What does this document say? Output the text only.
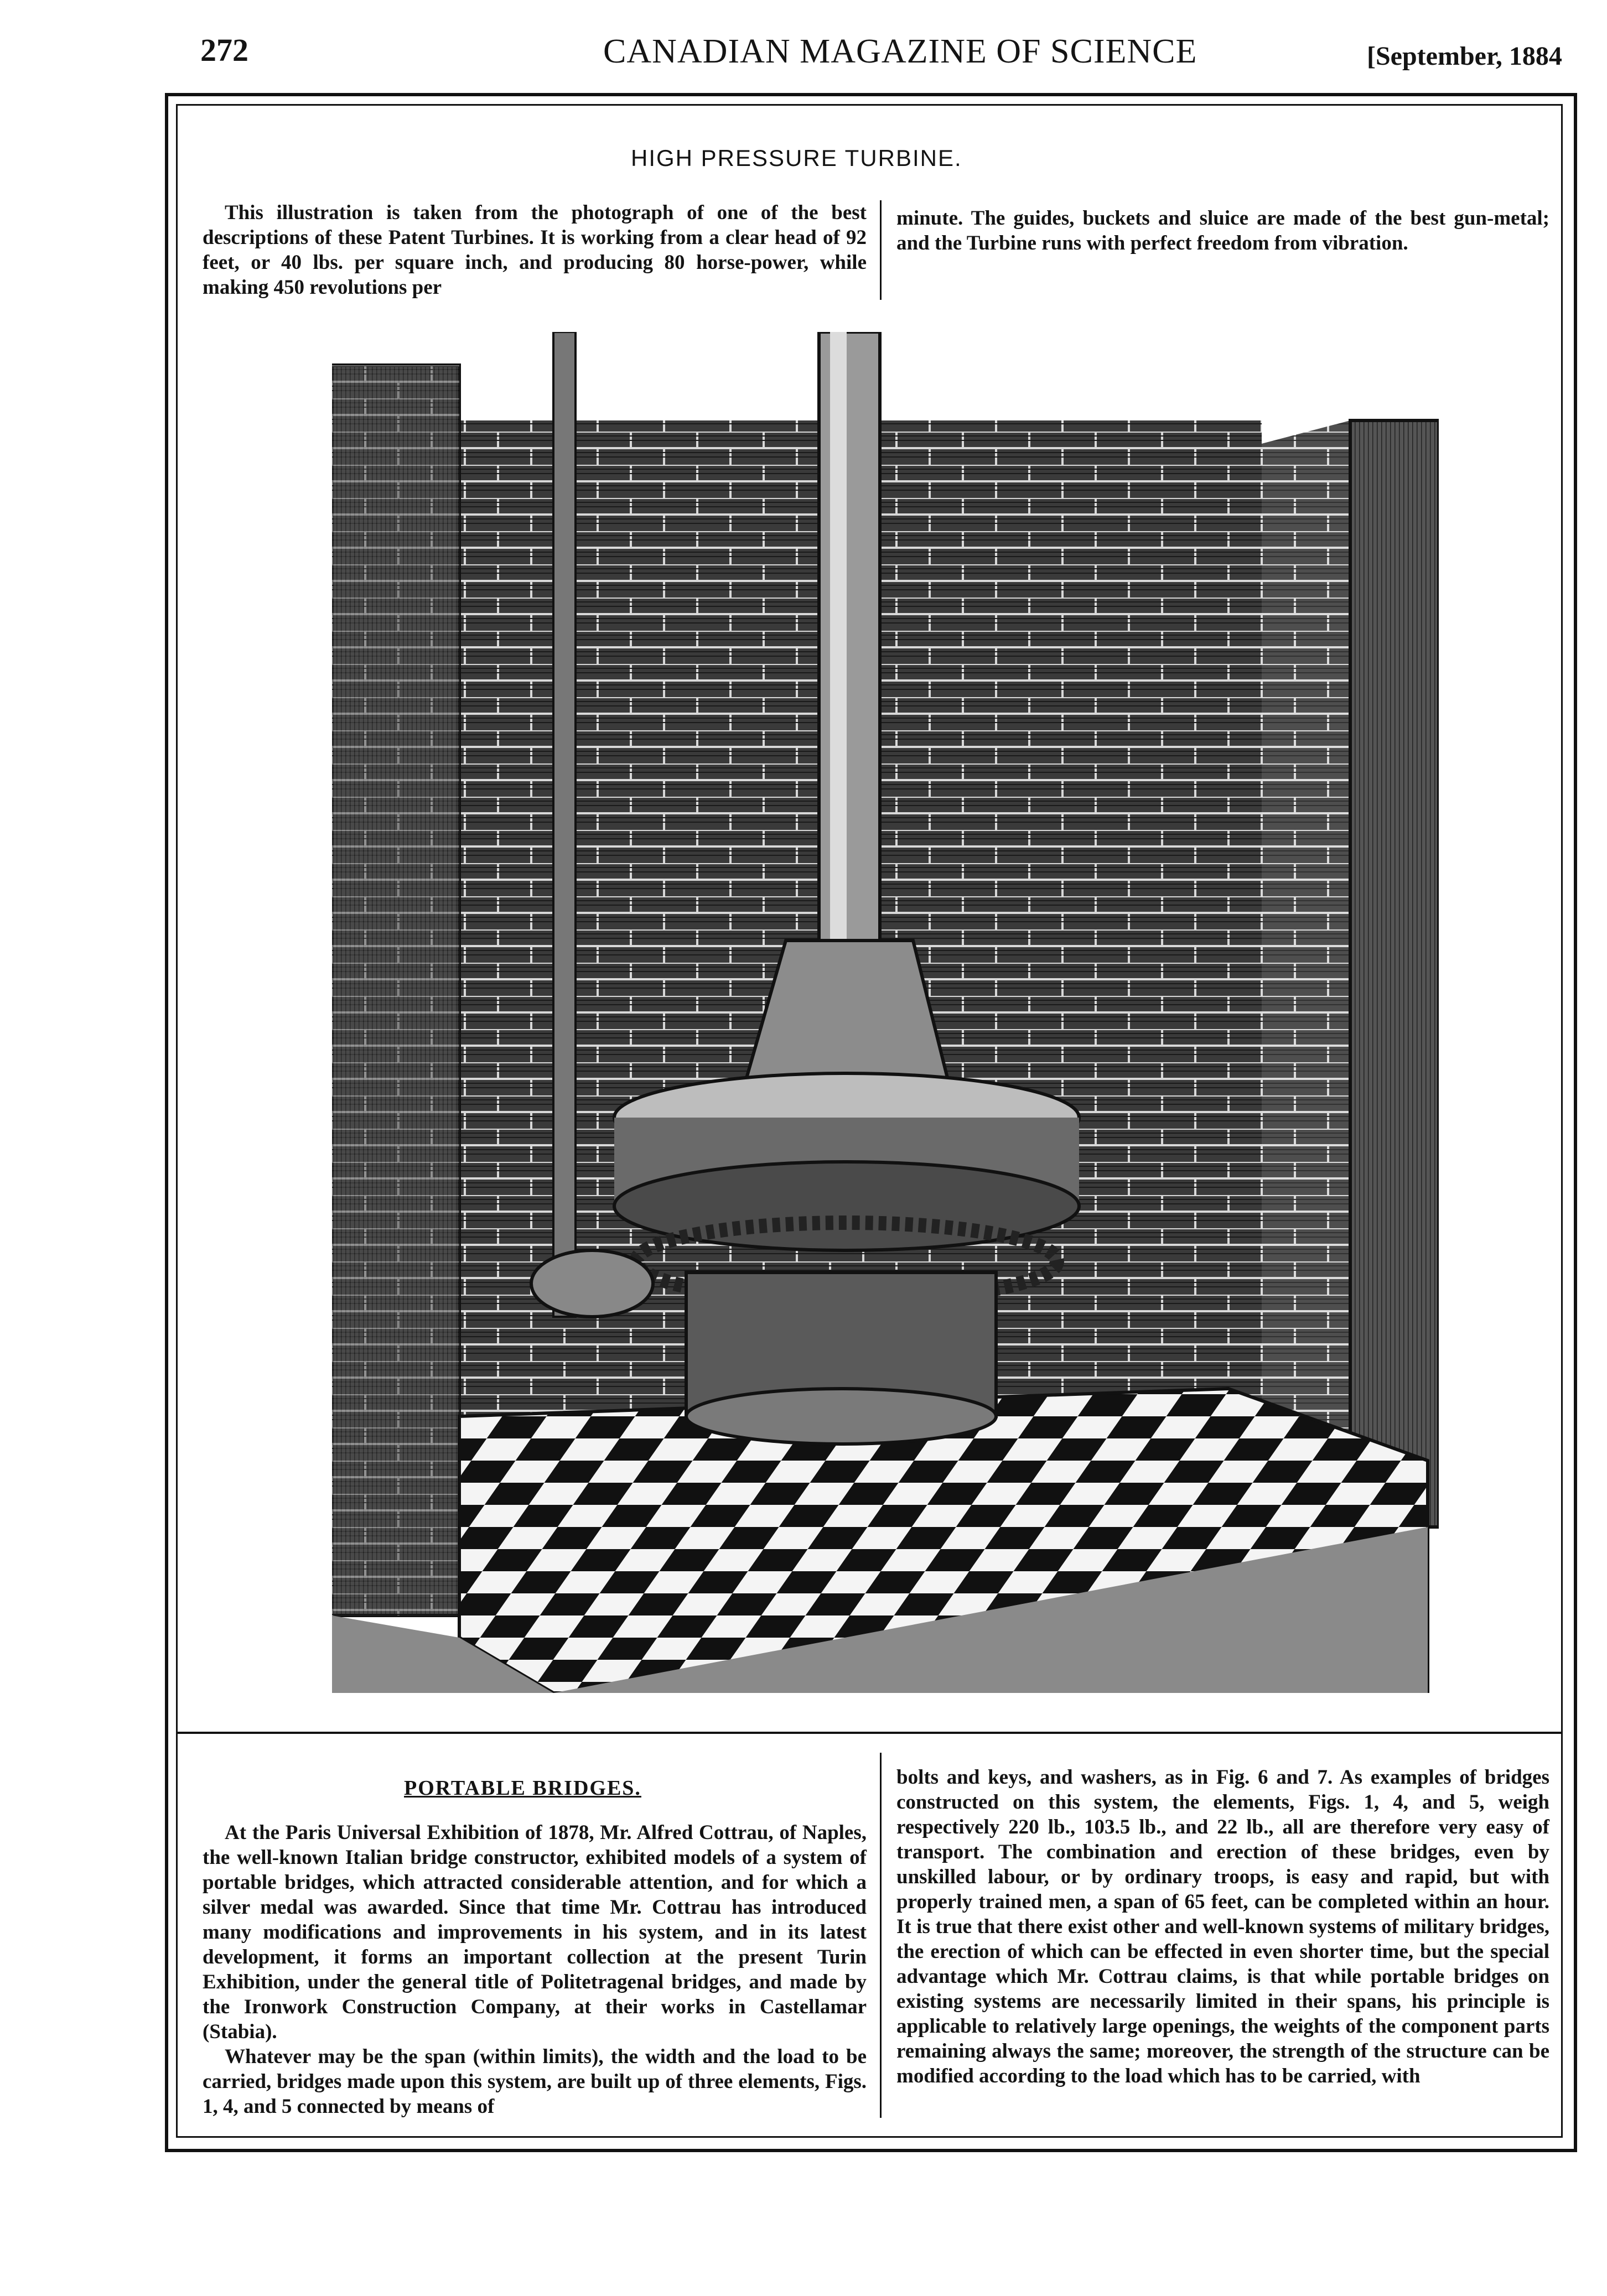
272	CANADIAN MAGAZINE OF SCIENCE	[September, 1884
HIGH PRESSURE TURBINE.
This illustration is taken from the photograph of one of the best descriptions of these Patent Turbines. It is working from a clear head of 92 feet, or 40 lbs. per square inch, and producing 80 horse-power, while making 450 revolutions per
minute. The guides, buckets and sluice are made of the best gun-metal; and the Turbine runs with perfect freedom from vibration.
PORTABLE BRIDGES.

At the Paris Universal Exhibition of 1878, Mr. Alfred Cottrau, of Naples, the well-known Italian bridge constructor, exhibited models of a system of portable bridges, which attracted considerable attention, and for which a silver medal was awarded. Since that time Mr. Cottrau has introduced many modifications and improvements in his system, and in its latest development, it forms an important collection at the present Turin Exhibition, under the general title of Politetragenal bridges, and made by the Ironwork Construction Company, at their works in Castellamar (Stabia).

Whatever may be the span (within limits), the width and the load to be carried, bridges made upon this system, are built up of three elements, Figs. 1, 4, and 5 connected by means of

bolts and keys, and washers, as in Fig. 6 and 7. As examples of bridges constructed on this system, the elements, Figs. 1, 4, and 5, weigh respectively 220 lb., 103.5 lb., and 22 lb., all are therefore very easy of transport. The combination and erection of these bridges, even by unskilled labour, or by ordinary troops, is easy and rapid, but with properly trained men, a span of 65 feet, can be completed within an hour. It is true that there exist other and well-known systems of military bridges, the erection of which can be effected in even shorter time, but the special advantage which Mr. Cottrau claims, is that while portable bridges on existing systems are necessarily limited in their spans, his principle is applicable to relatively large openings, the weights of the component parts remaining always the same; moreover, the strength of the structure can be modified according to the load which has to be carried, with
